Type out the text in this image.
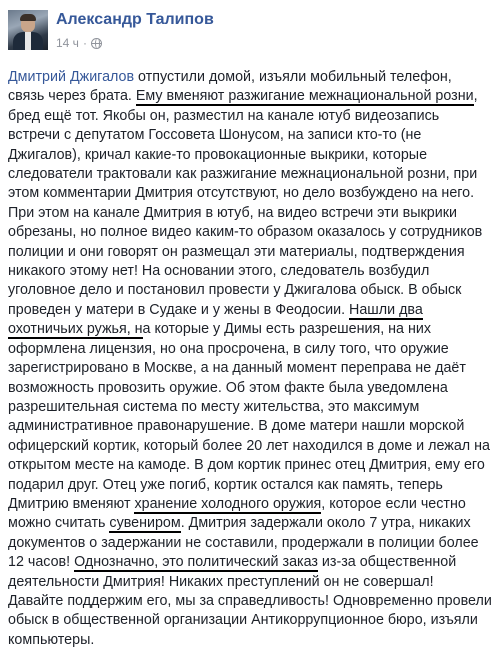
Александр Талипов
14 ч ·

Дмитрий Джигалов отпустили домой, изъяли мобильный телефон, связь через брата. Ему вменяют разжигание межнациональной розни, бред ещё тот. Якобы он, разместил на канале ютуб видеозапись встречи с депутатом Госсовета Шонусом, на записи кто-то (не Джигалов), кричал какие-то провокационные выкрики, которые следователи трактовали как разжигание межнациональной розни, при этом комментарии Дмитрия отсутствуют, но дело возбуждено на него. При этом на канале Дмитрия в ютуб, на видео встречи эти выкрики обрезаны, но полное видео каким-то образом оказалось у сотрудников полиции и они говорят он размещал эти материалы, подтверждения никакого этому нет! На основании этого, следователь возбудил уголовное дело и постановил провести у Джигалова обыск. В обыск проведен у матери в Судаке и у жены в Феодосии. Нашли два охотничьих ружья, на которые у Димы есть разрешения, на них оформлена лицензия, но она просрочена, в силу того, что оружие зарегистрировано в Москве, а на данный момент переправа не даёт возможность провозить оружие. Об этом факте была уведомлена разрешительная система по месту жительства, это максимум административное правонарушение. В доме матери нашли морской офицерский кортик, который более 20 лет находился в доме и лежал на открытом месте на камоде. В дом кортик принес отец Дмитрия, ему его подарил друг. Отец уже погиб, кортик остался как память, теперь Дмитрию вменяют хранение холодного оружия, которое если честно можно считать сувениром. Дмитрия задержали около 7 утра, никаких документов о задержании не составили, продержали в полиции более 12 часов! Однозначно, это политический заказ из-за общественной деятельности Дмитрия! Никаких преступлений он не совершал! Давайте поддержим его, мы за справедливость! Одновременно провели обыск в общественной организации Антикоррупционное бюро, изъяли компьютеры.
